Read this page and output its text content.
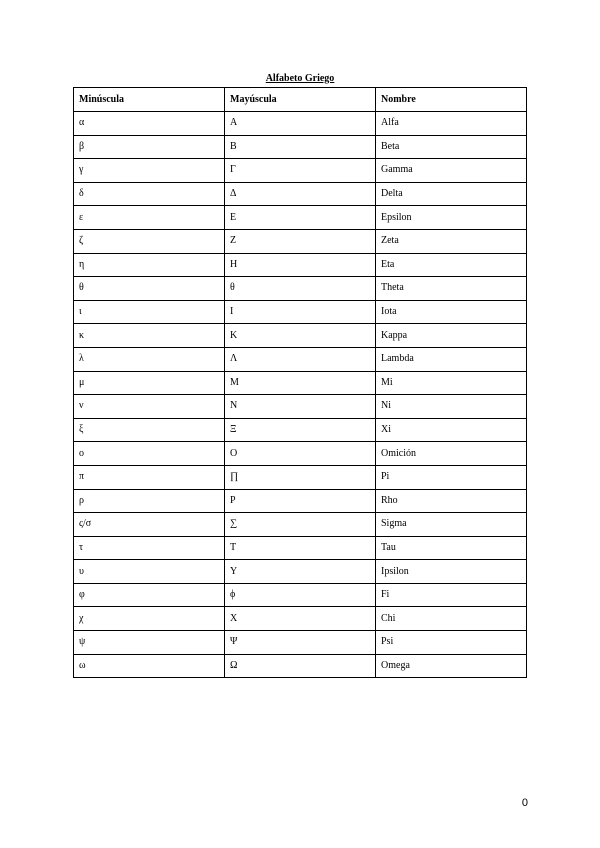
Alfabeto Griego
Minúscula	Mayúscula	Nombre
α	Α	Alfa
β	Β	Beta
γ	Γ	Gamma
δ	Δ	Delta
ε	Ε	Epsilon
ζ	Ζ	Zeta
η	Η	Eta
θ	θ	Theta
ι	Ι	Iota
κ	Κ	Kappa
λ	Λ	Lambda
μ	Μ	Mi
ν	Ν	Ni
ξ	Ξ	Xi
ο	Ο	Omición
π	∏	Pi
ρ	Ρ	Rho
ς/σ	∑	Sigma
τ	Τ	Tau
υ	Υ	Ipsilon
φ	ϕ	Fi
χ	Χ	Chi
ψ	Ψ	Psi
ω	Ω	Omega
0
